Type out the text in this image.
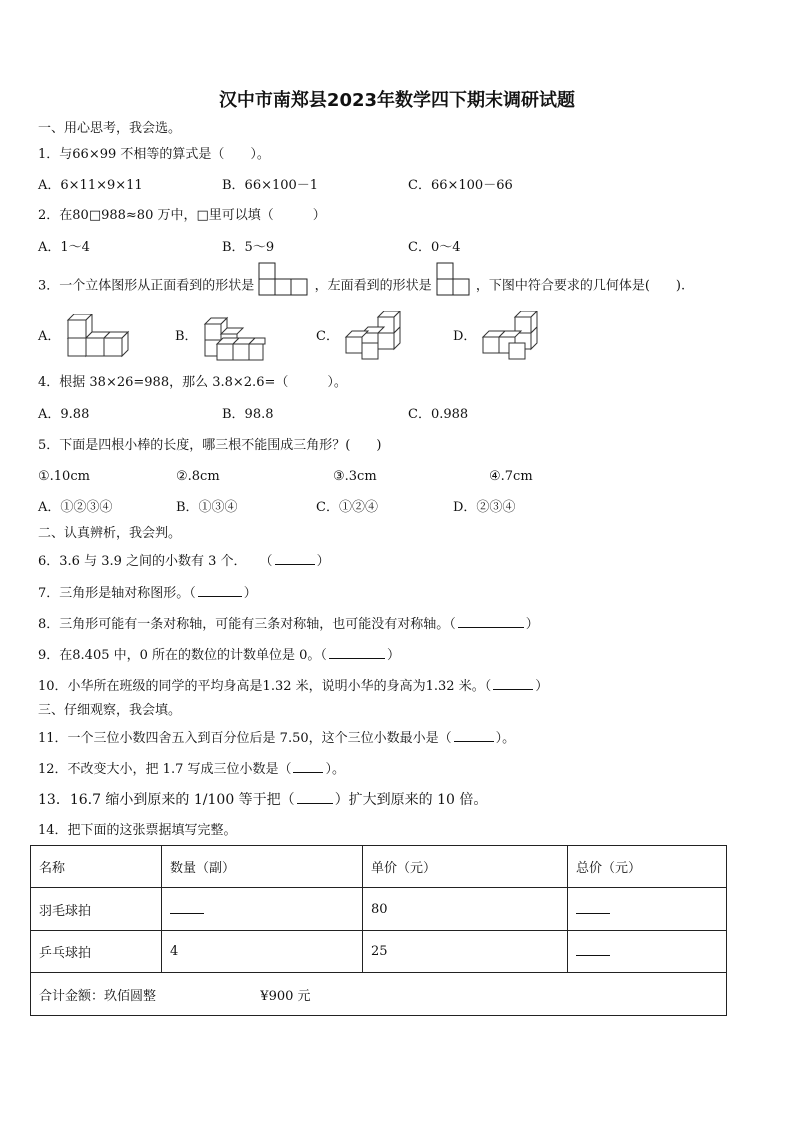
汉中市南郑县2023年数学四下期末调研试题
一、用心思考，我会选。
1．与66×99 不相等的算式是（　　）。
A．6×11×9×11	B．66×100－1	C．66×100－66
2．在80□988≈80 万中，□里可以填（　　　）
A．1～4	B．5～9	C．0～4
3．一个立体图形从正面看到的形状是	，左面看到的形状是	，下图中符合要求的几何体是(　　).
A．	B．	C．	D．
4．根据 38×26=988，那么 3.8×2.6=（　　　）。
A．9.88	B．98.8	C．0.988
5．下面是四根小棒的长度，哪三根不能围成三角形？(　　)
①.10cm	②.8cm	③.3cm	④.7cm
A．①②③④	B．①③④	C．①②④	D．②③④
二、认真辨析，我会判。
6．3.6 与 3.9 之间的小数有 3 个．　　（	）
7．三角形是轴对称图形。（	）
8．三角形可能有一条对称轴，可能有三条对称轴，也可能没有对称轴。（	）
9．在8.405 中，0 所在的数位的计数单位是 0。（	）
10．小华所在班级的同学的平均身高是1.32 米，说明小华的身高为1.32 米。（	）
三、仔细观察，我会填。
11．一个三位小数四舍五入到百分位后是 7.50，这个三位小数最小是（	）。
12．不改变大小，把 1.7 写成三位小数是（	）。
13．16.7 缩小到原来的 1/100 等于把（	）扩大到原来的 10 倍。
14．把下面的这张票据填写完整。
名称	数量（副）	单价（元）	总价（元）
羽毛球拍		80	
乒乓球拍	4	25	
合计金额：玖佰圆整 ¥900 元			
